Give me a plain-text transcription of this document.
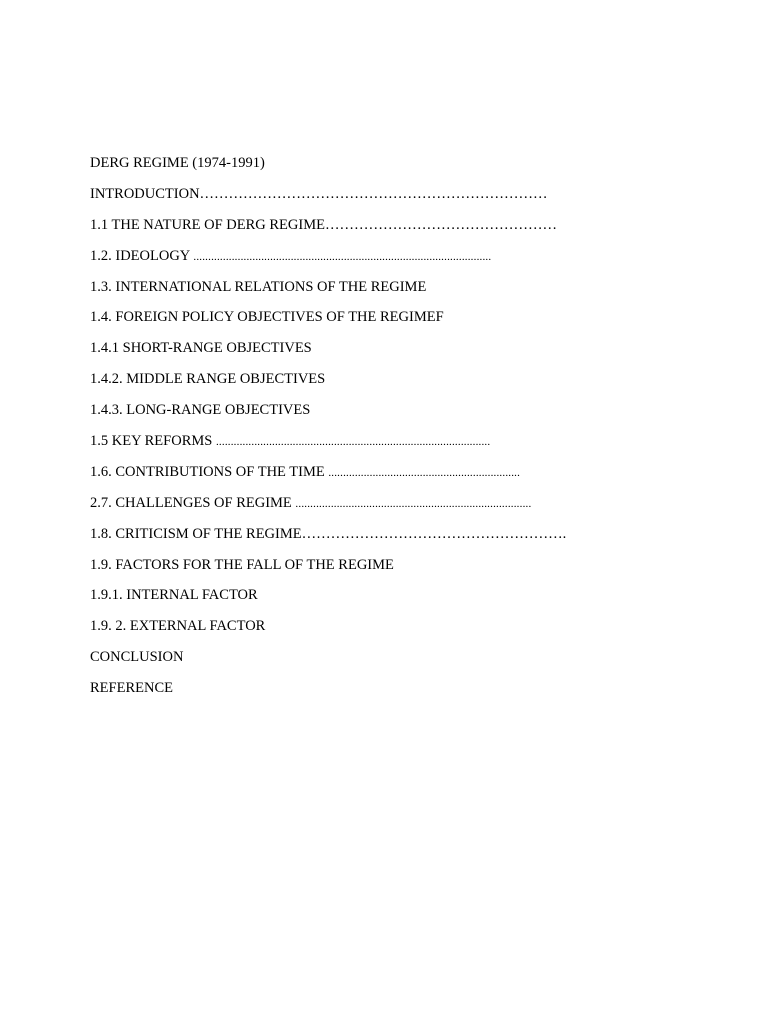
DERG REGIME (1974-1991)
INTRODUCTION………………………………………………………………
1.1 THE NATURE OF DERG REGIME…………………………………………
1.2. IDEOLOGY .....................................................................................................
1.3. INTERNATIONAL RELATIONS OF THE REGIME
1.4. FOREIGN POLICY OBJECTIVES OF THE REGIMEF
1.4.1 SHORT-RANGE OBJECTIVES
1.4.2. MIDDLE RANGE OBJECTIVES
1.4.3. LONG-RANGE OBJECTIVES
1.5 KEY REFORMS .............................................................................................
1.6. CONTRIBUTIONS OF THE TIME .................................................................
2.7. CHALLENGES OF REGIME ................................................................................
1.8. CRITICISM OF THE REGIME……………………………………………….
1.9. FACTORS FOR THE FALL OF THE REGIME
1.9.1. INTERNAL FACTOR
1.9. 2. EXTERNAL FACTOR
CONCLUSION
REFERENCE
